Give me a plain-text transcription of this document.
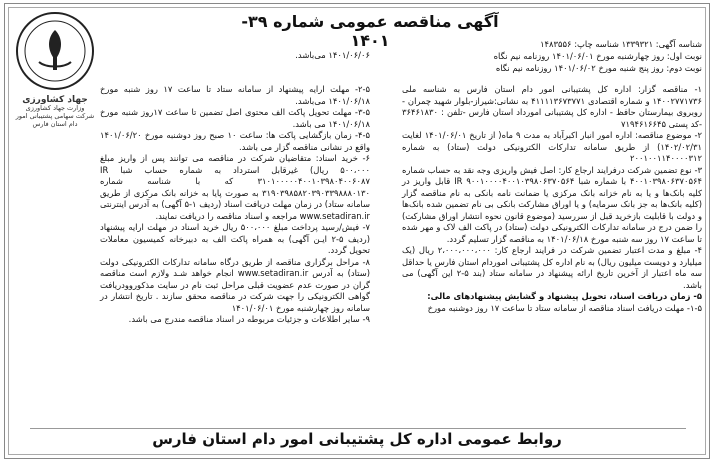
آگهی مناقصه عمومی شماره ۳۹- ۱۴۰۱
جهاد کشاورزی
وزارت جهاد کشاورزی
شرکت سهامی پشتیبانی امور دام استان فارس

شناسه آگهی: ۱۳۳۹۳۲۱ شناسه چاپ: ۱۴۸۳۵۵۶

نوبت اول: روز چهارشنبه مورخ ۱۴۰۱/۰۶/۰۱ روزنامه نیم نگاه

نوبت دوم: روز پنج شنبه مورخ ۱۴۰۱/۰۶/۰۲ روزنامه نیم نگاه

۱۴۰۱/۰۶/۰۶ می‌باشد.

۱- مناقصه گزار: اداره کل پشتیبانی امور دام استان فارس به شناسه ملی ۱۴۰۰۲۷۷۱۷۳۶ و شماره اقتصادی ۴۱۱۱۱۳۶۷۳۷۷۱ به نشانی:شیراز-بلوار شهید چمران - روبروی بیمارستان حافظ - اداره کل پشتیبانی امورداد استان فارس -تلفن : ۳۶۴۶۱۸۳۰ -کد پستی ۷۱۹۴۶۱۶۶۴۵

۲- موضوع مناقصه: اداره امور انبار اکبرآباد به مدت ۹ ماه( از تاریخ ۱۴۰۱/۰۶/۰۱ لغایت ۱۴۰۲/۰۲/۳۱) از طریق سامانه تدارکات الکترونیکی دولت (ستاد) به شماره ۲۰۰۱۰۰۱۱۴۰۰۰۰۳۱۲

۳- نوع تضمین شرکت درفرایند ارجاع کار: اصل فیش واریزی وجه نقد به حساب شماره ۴۰۰۱۰۳۹۸۰۶۳۷۰۵۶۴ با شماره شبا IR ۹۰۰۱۰۰۰۰۴۰۰۱۰۳۹۸۰۶۳۷۰۵۶۴ قابل واریز در کلیه بانک‌ها و یا به نام خزانه بانک مرکزی یا ضمانت نامه بانکی به نام مناقصه گزار (کلیه بانک‌ها به جز بانک سرمایه) و یا اوراق مشارکت بانکی بی نام تضمین شده بانک‌ها و دولت با قابلیت بازخرید قبل از سررسید (موضوع قانون نحوه انتشار اوراق مشارکت) را ضمن درج در سامانه تدارکات الکترونیکی دولت (ستاد) در پاکت الف لاک و مهر شده تا ساعت ۱۷ روز سه شنبه مورخ ۱۴۰۱/۰۶/۱۸ به مناقصه گزار تسلیم گردد.

۴- مبلغ و مدت اعتبار تضمین شرکت در فرایند ارجاع کار: ۲،۰۰۰،۰۰۰،۰۰۰ ریال (یک میلیارد و دویست میلیون ریال) به نام اداره کل پشتیبانی اموردام استان فارس یا حداقل سه ماه اعتبار از آخرین تاریخ ارائه پیشنهاد در سامانه ستاد (بند ۵-۲ این آگهی) می باشد.

۵- زمان دریافت اسناد، تحویل پیشنهاد و گشایش پیشنهادهای مالی:

۱-۵- مهلت دریافت اسناد مناقصه از سامانه ستاد تا ساعت ۱۷ روز دوشنبه مورخ

۲-۵- مهلت ارایه پیشنهاد از سامانه ستاد تا ساعت ۱۷ روز شنبه مورخ ۱۴۰۱/۰۶/۱۸ می‌باشد.

۳-۵- مهلت تحویل پاکت الف محتوی اصل تضمین تا ساعت ۱۷روز شنبه مورخ ۱۴۰۱/۰۶/۱۸ می باشد.

۴-۵- زمان بازگشایی پاکت ها: ساعت ۱۰ صبح روز دوشنبه مورخ ۱۴۰۱/۰۶/۲۰ واقع در نشانی مناقصه گزار می باشد.

۶- خرید اسناد: متقاضیان شرکت در مناقصه می توانند پس از واریز مبلغ ۵۰۰،۰۰۰ ریال) غیرقابل استرداد به شماره حساب شبا IR ۳۱۰۱۰۰۰۰۰۴۰۰۱۰۳۹۸۰۴۰۰۶۰۸۷ که با شناسه شماره ۳۱۹۰۳۹۸۵۸۲۰۳۹۰۳۳۹۸۸۸۰۱۳۰ به صورت پایا به خزانه بانک مرکزی از طریق سامانه ستاد) در زمان مهلت دریافت اسناد (ردیف ۱-۵ آگهی) به آدرس اینترنتی www.setadiran.ir مراجعه و اسناد مناقصه را دریافت نمایند.

۷- فیش/رسید پرداخت مبلغ ۵۰۰،۰۰۰ ریال خرید اسناد در مهلت ارایه پیشنهاد (ردیف ۵-۲ ایـن آگهی) به همراه پاکت الف به دبیرخانه کمیسیون معاملات تحویل گردد.

۸- مراحل برگزاری مناقصه از طریق درگاه سامانه تدارکات الکترونیکی دولت (ستاد) به آدرس www.setadiran.ir انجام خواهد شـد ولازم است مناقصه گران در صورت عدم عضویت قبلی مراحل ثبت نام در سایت مذکوروودریافت گواهی الکترونیکی را جهت شرکت در مناقصه محقق سازند . تاریخ انتشار در سامانه روز چهارشنبه مورخ ۱۴۰۱/۰۶/۰۱

۹- سایر اطلاعات و جزئیات مربوطه در اسناد مناقصه مندرج می باشد.

روابط عمومی اداره کل پشتیبانی امور دام استان فارس
